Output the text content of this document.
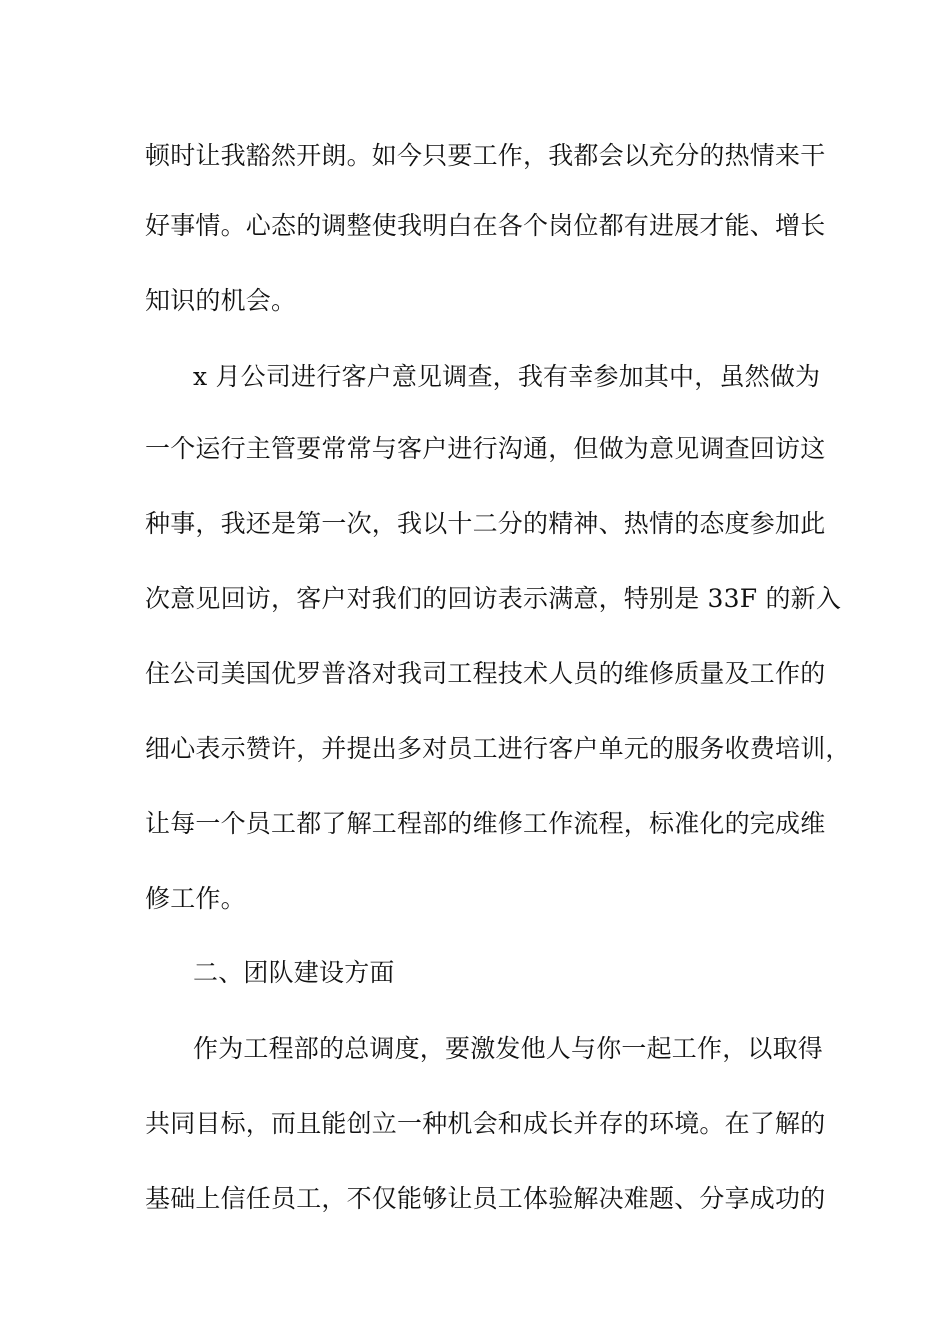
顿时让我豁然开朗。如今只要工作，我都会以充分的热情来干
好事情。心态的调整使我明白在各个岗位都有进展才能、增长
知识的机会。
x 月公司进行客户意见调查，我有幸参加其中，虽然做为
一个运行主管要常常与客户进行沟通，但做为意见调查回访这
种事，我还是第一次，我以十二分的精神、热情的态度参加此
次意见回访，客户对我们的回访表示满意，特别是 33F 的新入
住公司美国优罗普洛对我司工程技术人员的维修质量及工作的
细心表示赞许，并提出多对员工进行客户单元的服务收费培训，
让每一个员工都了解工程部的维修工作流程，标准化的完成维
修工作。
二、团队建设方面
作为工程部的总调度，要激发他人与你一起工作，以取得
共同目标，而且能创立一种机会和成长并存的环境。在了解的
基础上信任员工，不仅能够让员工体验解决难题、分享成功的
